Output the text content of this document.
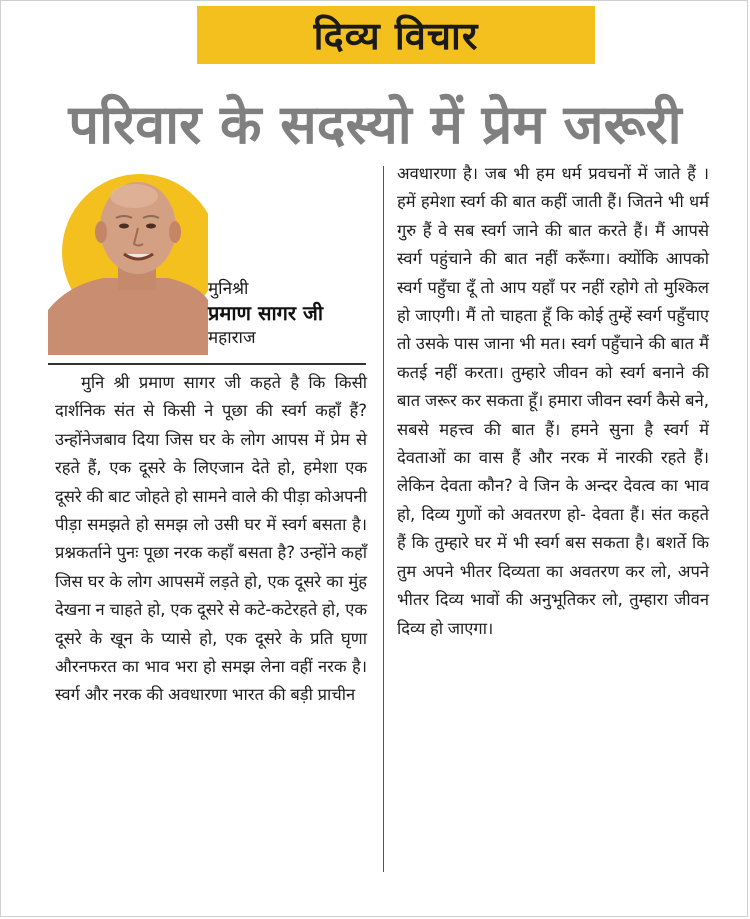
दिव्य विचार
परिवार के सदस्यो में प्रेम जरूरी
मुनिश्री
प्रमाण सागर जी
महाराज
मुनि श्री प्रमाण सागर जी कहते है कि किसी दार्शनिक संत से किसी ने पूछा की स्वर्ग कहाँ हैं? उन्होंनेजबाव दिया जिस घर के लोग आपस में प्रेम से रहते हैं, एक दूसरे के लिएजान देते हो, हमेशा एक दूसरे की बाट जोहते हो सामने वाले की पीड़ा कोअपनी पीड़ा समझते हो समझ लो उसी घर में स्वर्ग बसता है। प्रश्नकर्ताने पुनः पूछा नरक कहाँ बसता है? उन्होंने कहाँ जिस घर के लोग आपसमें लड़ते हो, एक दूसरे का मुंह देखना न चाहते हो, एक दूसरे से कटे-कटेरहते हो, एक दूसरे के खून के प्यासे हो, एक दूसरे के प्रति घृणा औरनफरत का भाव भरा हो समझ लेना वहीं नरक है। स्वर्ग और नरक की अवधारणा भारत की बड़ी प्राचीन
अवधारणा है। जब भी हम धर्म प्रवचनों में जाते हैं । हमें हमेशा स्वर्ग की बात कहीं जाती हैं। जितने भी धर्म गुरु हैं वे सब स्वर्ग जाने की बात करते हैं। मैं आपसे स्वर्ग पहुंचाने की बात नहीं करूँगा। क्योंकि आपको स्वर्ग पहुँचा दूँ तो आप यहाँ पर नहीं रहोगे तो मुश्किल हो जाएगी। मैं तो चाहता हूँ कि कोई तुम्हें स्वर्ग पहुँचाए तो उसके पास जाना भी मत। स्वर्ग पहुँचाने की बात मैं कतई नहीं करता। तुम्हारे जीवन को स्वर्ग बनाने की बात जरूर कर सकता हूँ। हमारा जीवन स्वर्ग कैसे बने, सबसे महत्त्व की बात हैं। हमने सुना है स्वर्ग में देवताओं का वास हैं और नरक में नारकी रहते हैं। लेकिन देवता कौन? वे जिन के अन्दर देवत्व का भाव हो, दिव्य गुणों को अवतरण हो- देवता हैं। संत कहते हैं कि तुम्हारे घर में भी स्वर्ग बस सकता है। बशर्ते कि तुम अपने भीतर दिव्यता का अवतरण कर लो, अपने भीतर दिव्य भावों की अनुभूतिकर लो, तुम्हारा जीवन दिव्य हो जाएगा।
